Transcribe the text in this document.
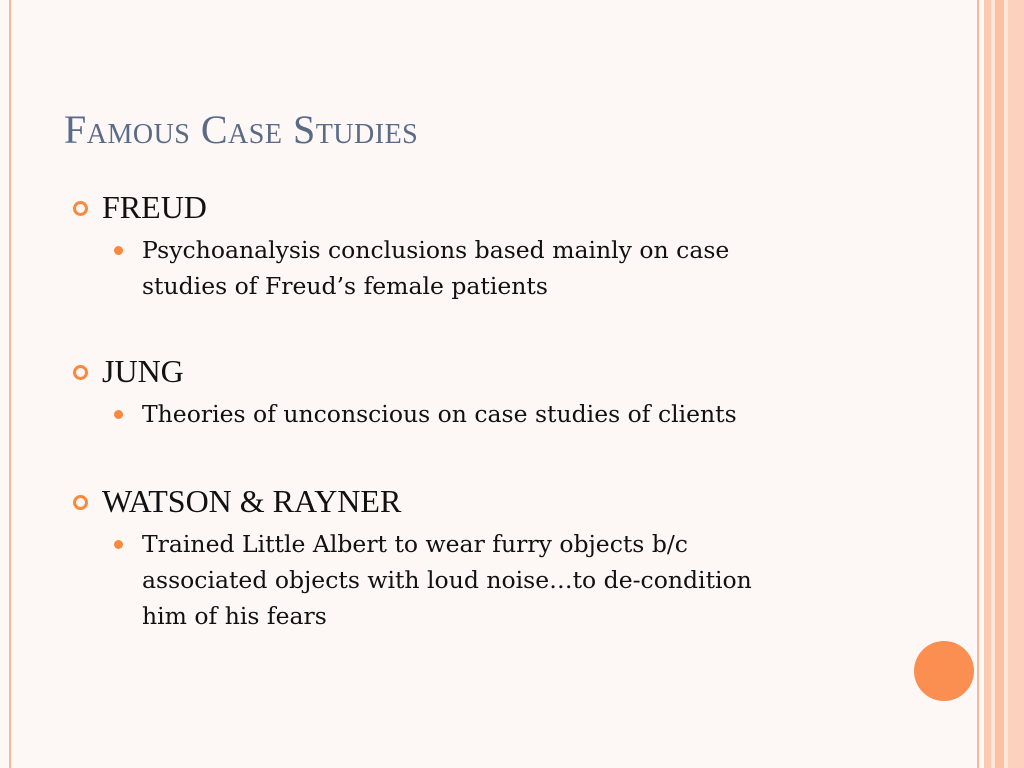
Famous Case Studies
FREUD
Psychoanalysis conclusions based mainly on case
studies of Freud’s female patients
JUNG
Theories of unconscious on case studies of clients
WATSON & RAYNER
Trained Little Albert to wear furry objects b/c
associated objects with loud noise…to de-condition
him of his fears
